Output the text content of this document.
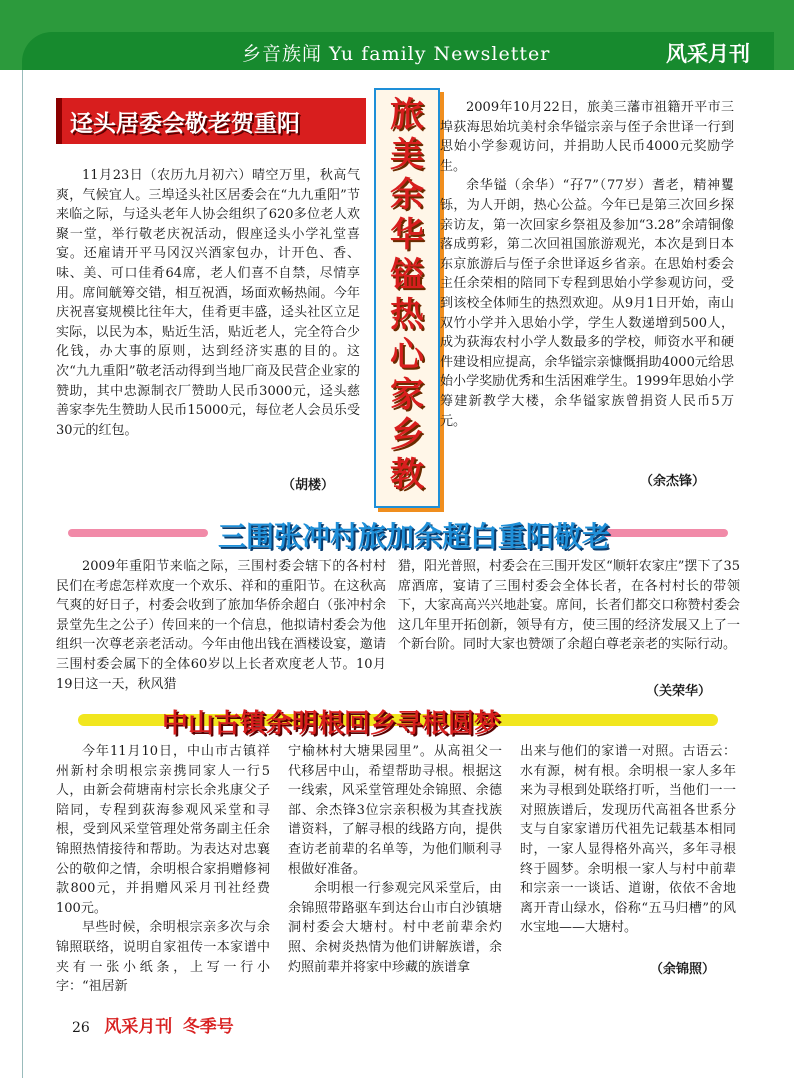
乡音族闻 Yu family Newsletter	风采月刊
迳头居委会敬老贺重阳

11月23日（农历九月初六）晴空万里，秋高气爽，气候宜人。三埠迳头社区居委会在“九九重阳”节来临之际，与迳头老年人协会组织了620多位老人欢聚一堂，举行敬老庆祝活动，假座迳头小学礼堂喜宴。还雇请开平马冈汉兴酒家包办，计开色、香、味、美、可口佳肴64席，老人们喜不自禁，尽情享用。席间觥筹交错，相互祝酒，场面欢畅热闹。今年庆祝喜宴规模比往年大，佳肴更丰盛，迳头社区立足实际，以民为本，贴近生活，贴近老人，完全符合少化钱，办大事的原则，达到经济实惠的目的。这次“九九重阳”敬老活动得到当地厂商及民营企业家的赞助，其中忠源制衣厂赞助人民币3000元，迳头慈善家李先生赞助人民币15000元，每位老人会员乐受30元的红包。

（胡楼）
旅
美
余
华
镒
热
心
家
乡
教

2009年10月22日，旅美三藩市祖籍开平市三埠荻海思始坑美村余华镒宗亲与侄子余世译一行到思始小学参观访问，并捐助人民币4000元奖励学生。

余华镒（余华）“孖7”（77岁）耆老，精神矍铄，为人开朗，热心公益。今年已是第三次回乡探亲访友，第一次回家乡祭祖及参加“3.28”余靖铜像落成剪彩，第二次回祖国旅游观光，本次是到日本东京旅游后与侄子余世译返乡省亲。在思始村委会主任余荣相的陪同下专程到思始小学参观访问，受到该校全体师生的热烈欢迎。从9月1日开始，南山双竹小学并入思始小学，学生人数递增到500人，成为荻海农村小学人数最多的学校，师资水平和硬件建设相应提高，余华镒宗亲慷慨捐助4000元给思始小学奖励优秀和生活困难学生。1999年思始小学筹建新教学大楼，余华镒家族曾捐资人民币5万元。

（余杰锋）
三围张冲村旅加余超白重阳敬老

2009年重阳节来临之际，三围村委会辖下的各村村民们在考虑怎样欢度一个欢乐、祥和的重阳节。在这秋高气爽的好日子，村委会收到了旅加华侨余超白（张冲村余景堂先生之公子）传回来的一个信息，他拟请村委会为他组织一次尊老亲老活动。今年由他出钱在酒楼设宴，邀请三围村委会属下的全体60岁以上长者欢度老人节。10月19日这一天，秋风猎

猎，阳光普照，村委会在三围开发区“顺轩农家庄”摆下了35席酒席，宴请了三围村委会全体长者，在各村村长的带领下，大家高高兴兴地赴宴。席间，长者们都交口称赞村委会这几年里开拓创新，领导有方，使三围的经济发展又上了一个新台阶。同时大家也赞颂了余超白尊老亲老的实际行动。

（关荣华）
中山古镇余明根回乡寻根圆梦

今年11月10日，中山市古镇祥州新村余明根宗亲携同家人一行5人，由新会荷塘南村宗长余兆康父子陪同，专程到荻海参观风采堂和寻根，受到风采堂管理处常务副主任余锦照热情接待和帮助。为表达对忠襄公的敬仰之情，余明根合家捐赠修祠款800元，并捐赠风采月刊社经费100元。

早些时候，余明根宗亲多次与余锦照联络，说明自家祖传一本家谱中夹有一张小纸条，上写一行小字：“祖居新

宁榆林村大塘果园里”。从高祖父一代移居中山，希望帮助寻根。根据这一线索，风采堂管理处余锦照、余德部、余杰锋3位宗亲积极为其查找族谱资料，了解寻根的线路方向，提供查访老前辈的名单等，为他们顺利寻根做好准备。

余明根一行参观完风采堂后，由余锦照带路驱车到达台山市白沙镇塘洞村委会大塘村。村中老前辈余灼照、余树炎热情为他们讲解族谱，余灼照前辈并将家中珍藏的族谱拿

出来与他们的家谱一对照。古语云：水有源，树有根。余明根一家人多年来为寻根到处联络打听，当他们一一对照族谱后，发现历代高祖各世系分支与自家家谱历代祖先记载基本相同时，一家人显得格外高兴，多年寻根终于圆梦。余明根一家人与村中前辈和宗亲一一谈话、道谢，依依不舍地离开青山绿水，俗称“五马归槽”的风水宝地——大塘村。

（余锦照）
26 风采月刊 冬季号
